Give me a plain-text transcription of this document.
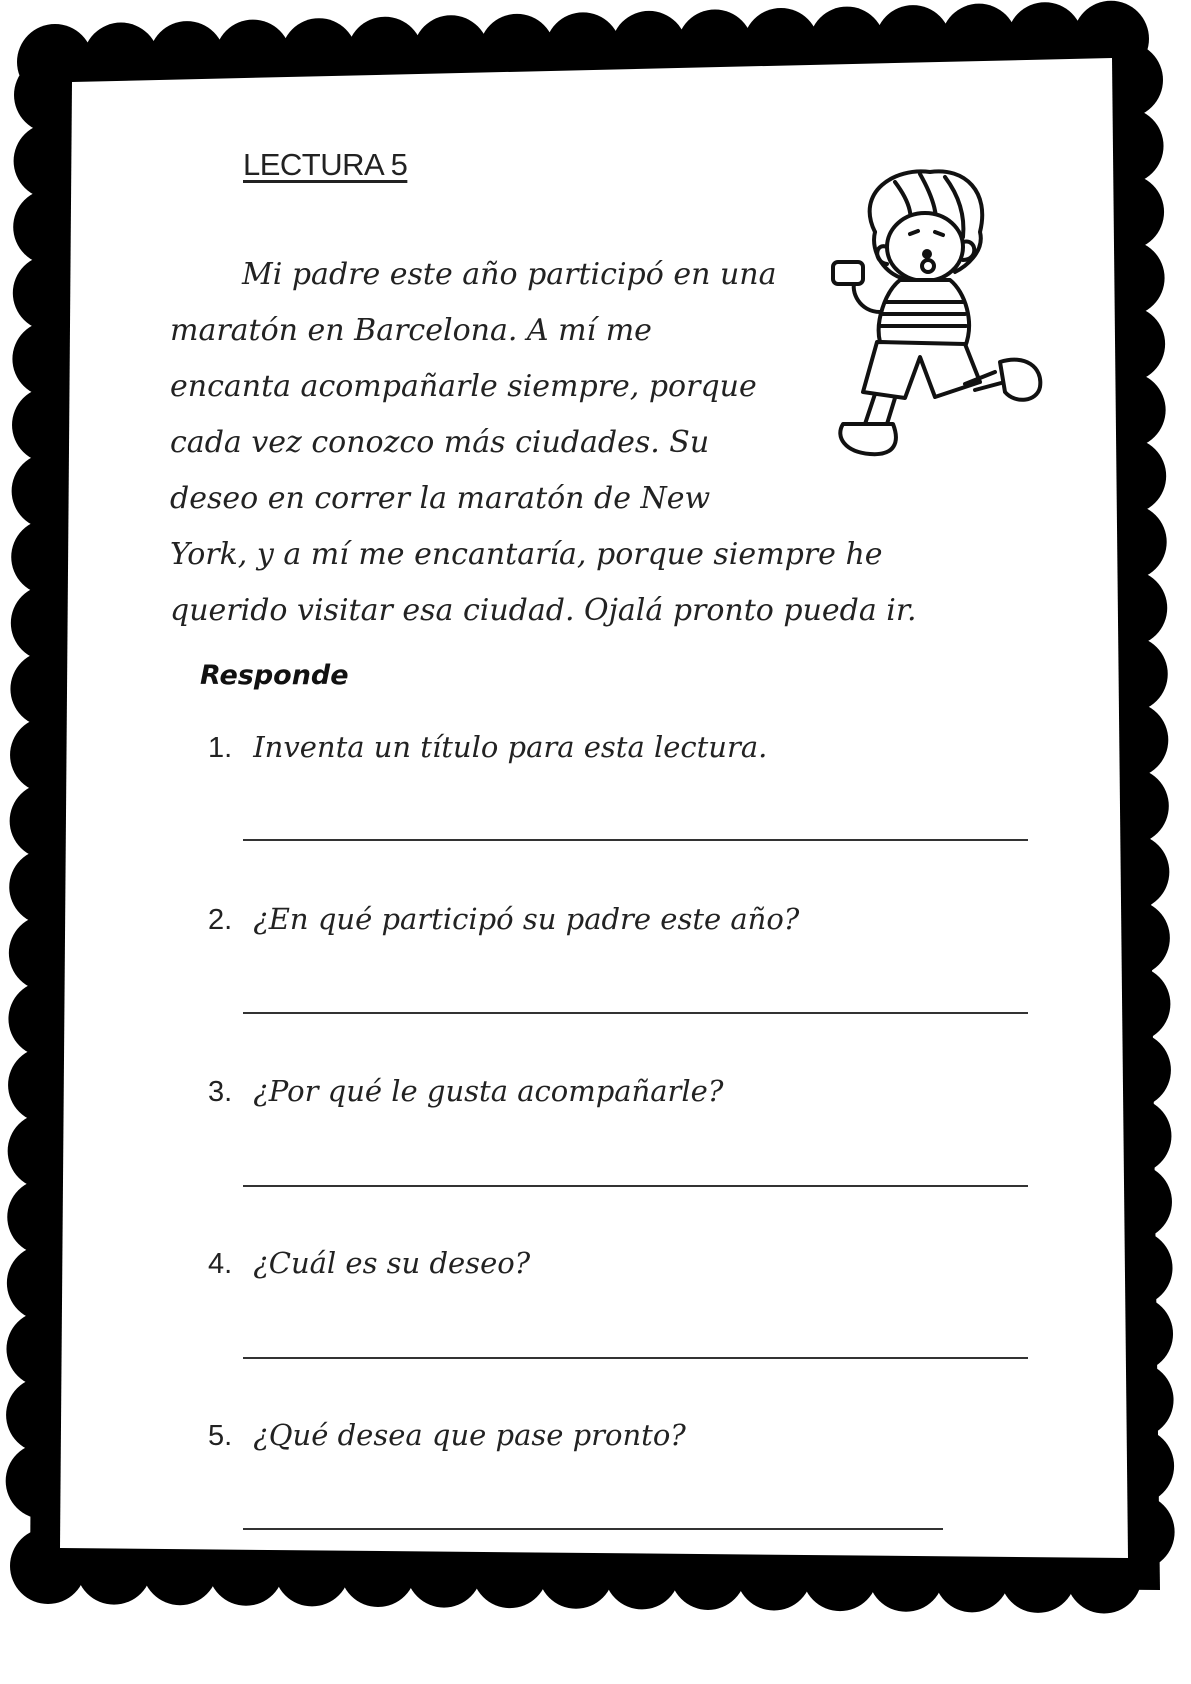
LECTURA 5

Mi padre este año participó en una
maratón en Barcelona. A mí me
encanta acompañarle siempre, porque
cada vez conozco más ciudades. Su
deseo en correr la maratón de New
York, y a mí me encantaría, porque siempre he
querido visitar esa ciudad. Ojalá pronto pueda ir.

Responde
1. Inventa un título para esta lectura.
2. ¿En qué participó su padre este año?
3. ¿Por qué le gusta acompañarle?
4. ¿Cuál es su deseo?
5. ¿Qué desea que pase pronto?
